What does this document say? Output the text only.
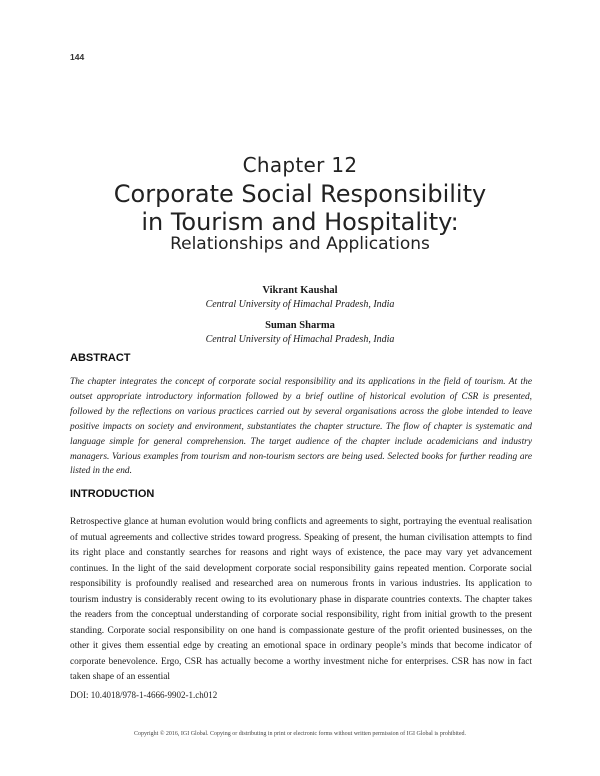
144
Chapter 12
Corporate Social Responsibility
in Tourism and Hospitality:
Relationships and Applications
Vikrant Kaushal
Central University of Himachal Pradesh, India
Suman Sharma
Central University of Himachal Pradesh, India
ABSTRACT

The chapter integrates the concept of corporate social responsibility and its applications in the field of tourism. At the outset appropriate introductory information followed by a brief outline of historical evolution of CSR is presented, followed by the reflections on various practices carried out by several organisations across the globe intended to leave positive impacts on society and environment, substantiates the chapter structure. The flow of chapter is systematic and language simple for general comprehension. The target audience of the chapter include academicians and industry managers. Various examples from tourism and non-tourism sectors are being used. Selected books for further reading are listed in the end.

INTRODUCTION

Retrospective glance at human evolution would bring conflicts and agreements to sight, portraying the eventual realisation of mutual agreements and collective strides toward progress. Speaking of present, the human civilisation attempts to find its right place and constantly searches for reasons and right ways of existence, the pace may vary yet advancement continues. In the light of the said development corporate social responsibility gains repeated mention. Corporate social responsibility is profoundly realised and researched area on numerous fronts in various industries. Its application to tourism industry is considerably recent owing to its evolutionary phase in disparate countries contexts. The chapter takes the readers from the conceptual understanding of corporate social responsibility, right from initial growth to the present standing. Corporate social responsibility on one hand is compassionate gesture of the profit oriented businesses, on the other it gives them essential edge by creating an emotional space in ordinary people’s minds that become indicator of corporate benevolence. Ergo, CSR has actually become a worthy investment niche for enterprises. CSR has now in fact taken shape of an essential

DOI: 10.4018/978-1-4666-9902-1.ch012
Copyright © 2016, IGI Global. Copying or distributing in print or electronic forms without written permission of IGI Global is prohibited.
